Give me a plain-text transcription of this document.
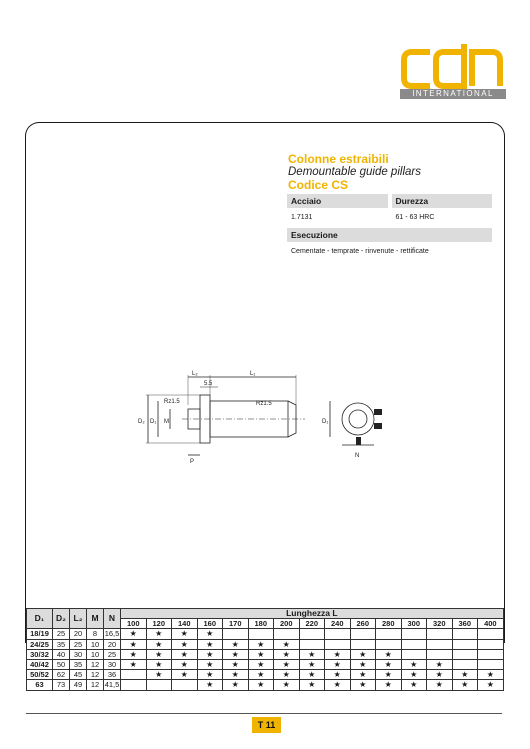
INTERNATIONAL
Colonne estraibili
Demountable guide pillars
Codice CS
Acciaio
1.7131
Durezza
61 - 63 HRC
Esecuzione
Cementate - temprate - rinvenute - rettificate
L₂	L₁
5.5
Rz1.5	Rz1.5
D₂ D₁ M
P
D₁
N
D₁	D₂	L₂	M	N	Lunghezza L														
					100	120	140	160	170	180	200	220	240	260	280	300	320	360	400
18/19	25	20	8	16,5	★	★	★	★											
24/25	35	25	10	20	★	★	★	★	★	★	★								
30/32	40	30	10	25	★	★	★	★	★	★	★	★	★	★	★				
40/42	50	35	12	30	★	★	★	★	★	★	★	★	★	★	★	★	★		
50/52	62	45	12	36		★	★	★	★	★	★	★	★	★	★	★	★	★	★
63	73	49	12	41,5				★	★	★	★	★	★	★	★	★	★	★	★
T 11
